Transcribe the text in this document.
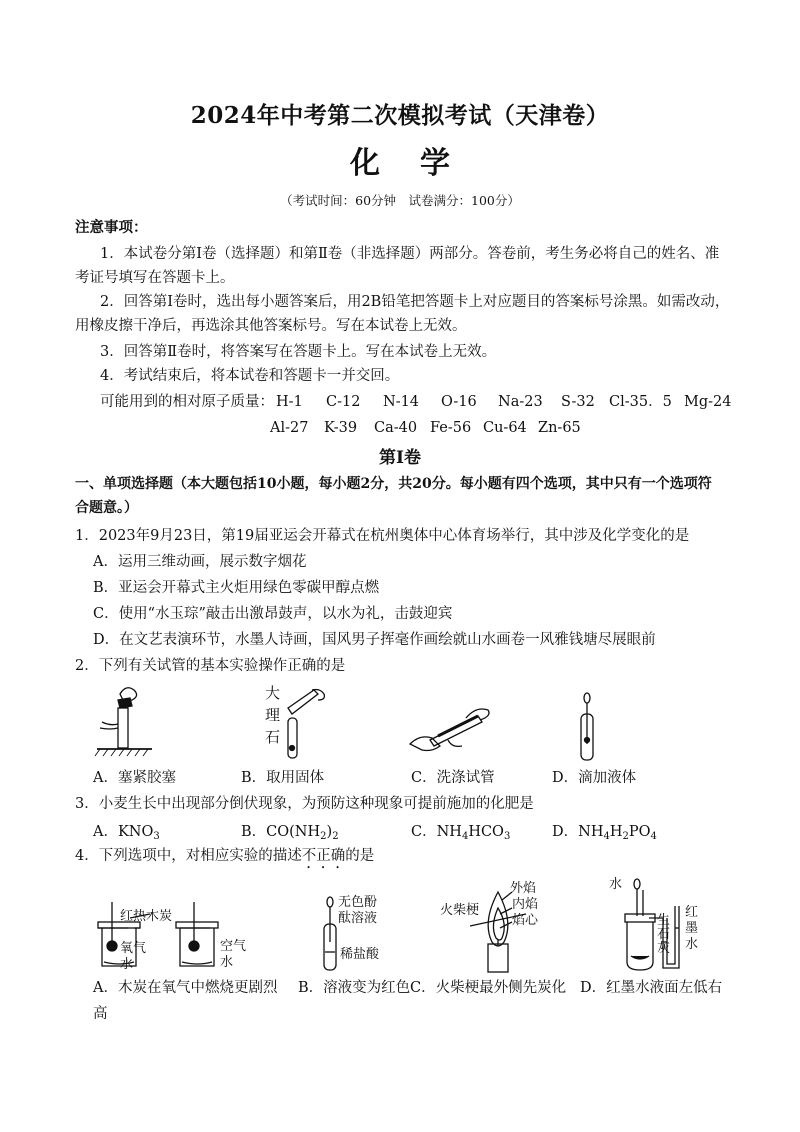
2024年中考第二次模拟考试（天津卷）
化学
（考试时间：60分钟　试卷满分：100分）
注意事项：
1．本试卷分第Ⅰ卷（选择题）和第Ⅱ卷（非选择题）两部分。答卷前，考生务必将自己的姓名、准
考证号填写在答题卡上。
2．回答第Ⅰ卷时，选出每小题答案后，用2B铅笔把答题卡上对应题目的答案标号涂黑。如需改动，
用橡皮擦干净后，再选涂其他答案标号。写在本试卷上无效。
3．回答第Ⅱ卷时，将答案写在答题卡上。写在本试卷上无效。
4．考试结束后，将本试卷和答题卡一并交回。
可能用到的相对原子质量： H-1 C-12 N-14 O-16 Na-23 S-32 Cl-35．5 Mg-24
Al-27 K-39 Ca-40 Fe-56 Cu-64 Zn-65
第Ⅰ卷
一、单项选择题（本大题包括10小题，每小题2分，共20分。每小题有四个选项，其中只有一个选项符
合题意。）
1．2023年9月23日，第19届亚运会开幕式在杭州奥体中心体育场举行，其中涉及化学变化的是
A．运用三维动画，展示数字烟花
B．亚运会开幕式主火炬用绿色零碳甲醇点燃
C．使用“水玉琮”敲击出激昂鼓声，以水为礼，击鼓迎宾
D．在文艺表演环节，水墨人诗画，国风男子挥毫作画绘就山水画卷一风雅钱塘尽展眼前
2．下列有关试管的基本实验操作正确的是
大
理
石
A．塞紧胶塞	B．取用固体	C．洗涤试管	D．滴加液体
3．小麦生长中出现部分倒伏现象，为预防这种现象可提前施加的化肥是
A．$KNO_3$	B．$CO(NH_2)_2$	C．$NH_4HCO_3$	D．$NH_4H_2PO_4$
4．下列选项中，对相应实验的描述不正确的是
红热木炭
氧气
水
空气
水
无色酚
酞溶液
稀盐酸
外焰
内焰
焰心
火柴梗
水
生
石
灰
红
墨
水
A．木炭在氧气中燃烧更剧烈
高
B．溶液变为红色 C．火柴梗最外侧先炭化 D．红墨水液面左低右
